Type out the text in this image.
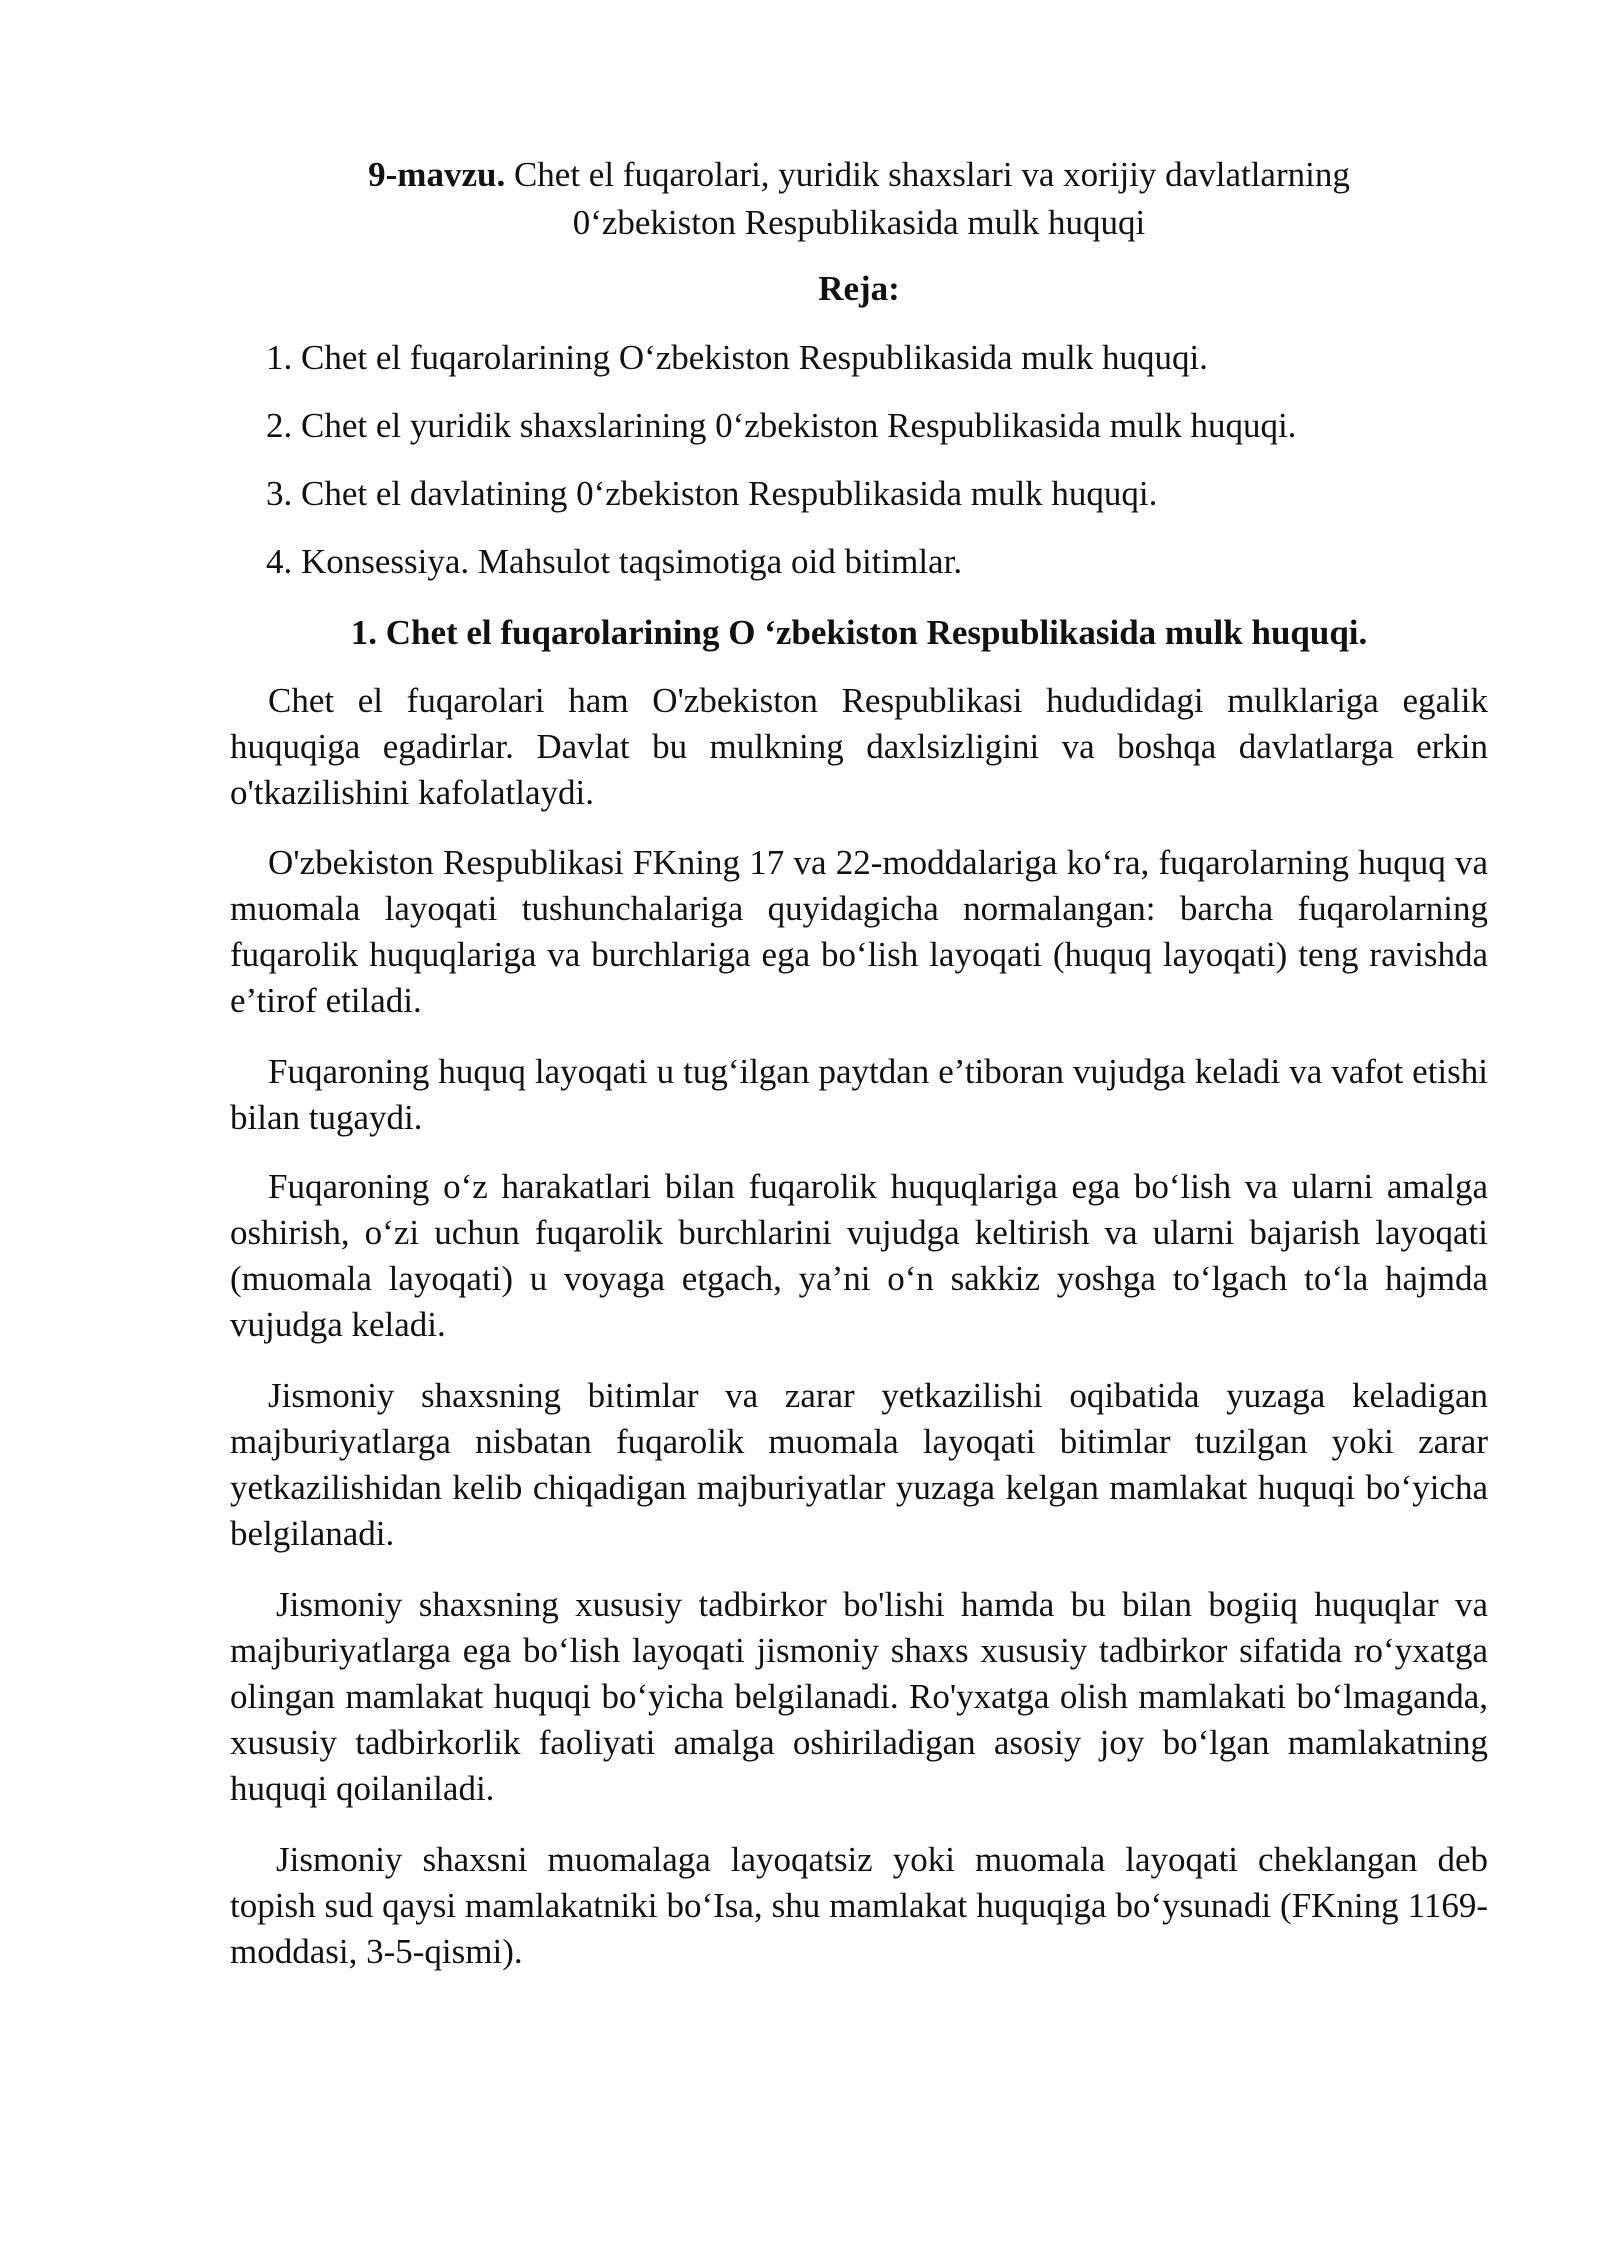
9-mavzu. Chet el fuqarolari, yuridik shaxslari va xorijiy davlatlarning
0‘zbekiston Respublikasida mulk huquqi

Reja:

1. Chet el fuqarolarining O‘zbekiston Respublikasida mulk huquqi.
2. Chet el yuridik shaxslarining 0‘zbekiston Respublikasida mulk huquqi.
3. Chet el davlatining 0‘zbekiston Respublikasida mulk huquqi.
4. Konsessiya. Mahsulot taqsimotiga oid bitimlar.
1. Chet el fuqarolarining O ‘zbekiston Respublikasida mulk huquqi.

Chet el fuqarolari ham O'zbekiston Respublikasi hududidagi mulklariga egalik huquqiga egadirlar. Davlat bu mulkning daxlsizligini va boshqa davlatlarga erkin o'tkazilishini kafolatlaydi.

O'zbekiston Respublikasi FKning 17 va 22-moddalariga ko‘ra, fuqarolarning huquq va muomala layoqati tushunchalariga quyidagicha normalangan: barcha fuqarolarning fuqarolik huquqlariga va burchlariga ega bo‘lish layoqati (huquq layoqati) teng ravishda e’tirof etiladi.

Fuqaroning huquq layoqati u tug‘ilgan paytdan e’tiboran vujudga keladi va vafot etishi bilan tugaydi.

Fuqaroning o‘z harakatlari bilan fuqarolik huquqlariga ega bo‘lish va ularni amalga oshirish, o‘zi uchun fuqarolik burchlarini vujudga keltirish va ularni bajarish layoqati (muomala layoqati) u voyaga etgach, ya’ni o‘n sakkiz yoshga to‘lgach to‘la hajmda vujudga keladi.

Jismoniy shaxsning bitimlar va zarar yetkazilishi oqibatida yuzaga keladigan majburiyatlarga nisbatan fuqarolik muomala layoqati bitimlar tuzilgan yoki zarar yetkazilishidan kelib chiqadigan majburiyatlar yuzaga kelgan mamlakat huquqi bo‘yicha belgilanadi.

Jismoniy shaxsning xususiy tadbirkor bo'lishi hamda bu bilan bogiiq huquqlar va majburiyatlarga ega bo‘lish layoqati jismoniy shaxs xususiy tadbirkor sifatida ro‘yxatga olingan mamlakat huquqi bo‘yicha belgilanadi. Ro'yxatga olish mamlakati bo‘lmaganda, xususiy tadbirkorlik faoliyati amalga oshiriladigan asosiy joy bo‘lgan mamlakatning huquqi qoilaniladi.

Jismoniy shaxsni muomalaga layoqatsiz yoki muomala layoqati cheklangan deb topish sud qaysi mamlakatniki bo‘Isa, shu mamlakat huquqiga bo‘ysunadi (FKning 1169-moddasi, 3-5-qismi).
